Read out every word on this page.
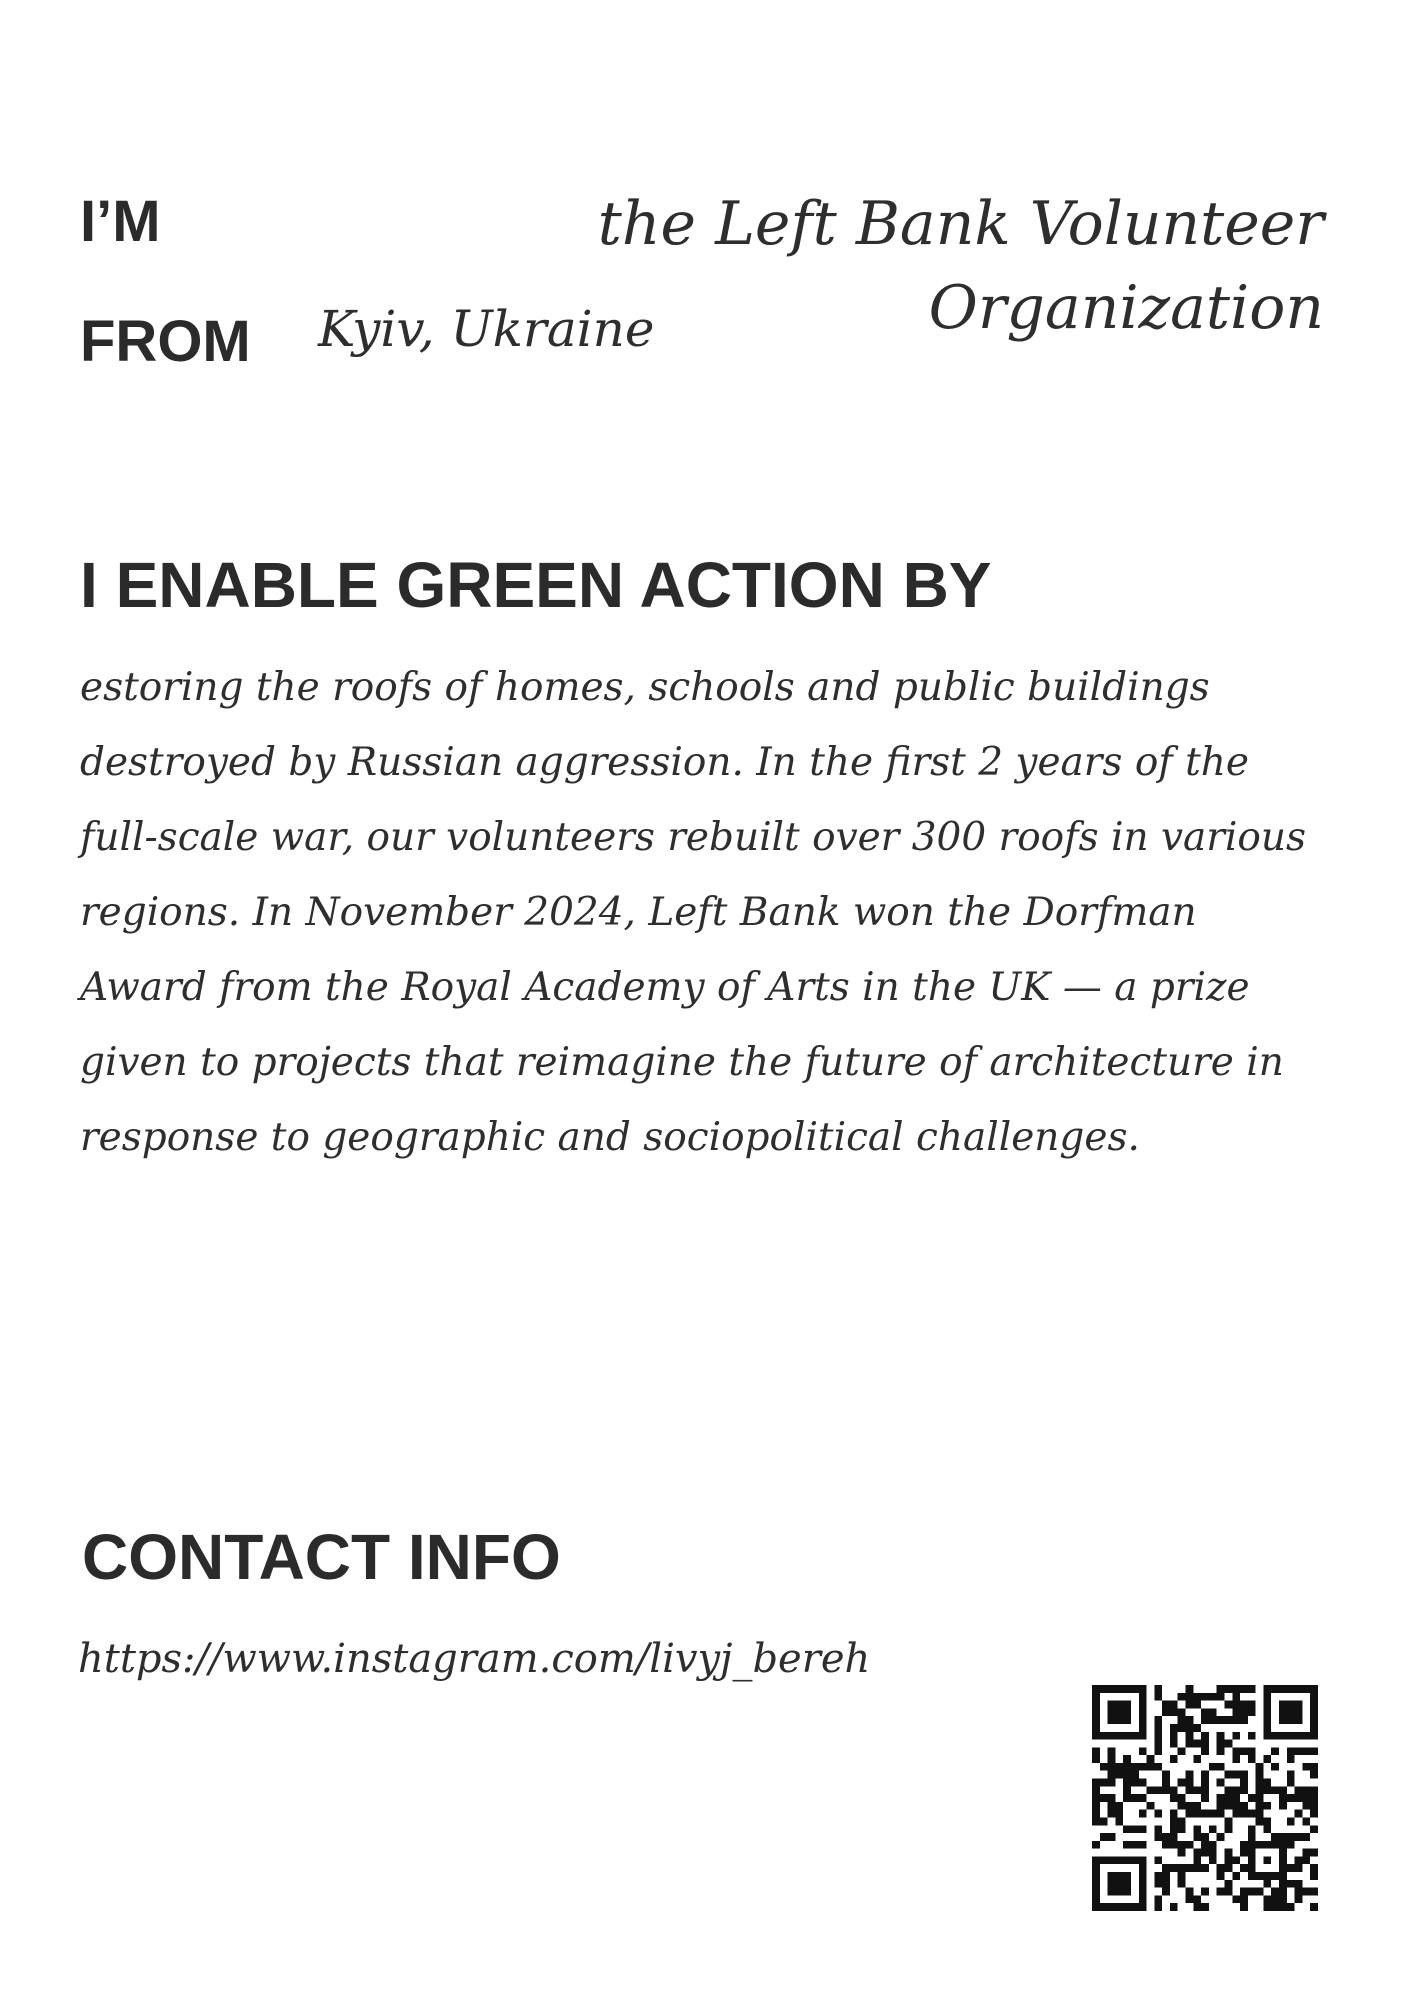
I’M	the Left Bank Volunteer Organization
FROM Kyiv, Ukraine
I ENABLE GREEN ACTION BY
estoring the roofs of homes, schools and public buildings destroyed by Russian aggression. In the first 2 years of the full-scale war, our volunteers rebuilt over 300 roofs in various regions. In November 2024, Left Bank won the Dorfman Award from the Royal Academy of Arts in the UK — a prize given to projects that reimagine the future of architecture in response to geographic and sociopolitical challenges.
CONTACT INFO
https://www.instagram.com/livyj_bereh
